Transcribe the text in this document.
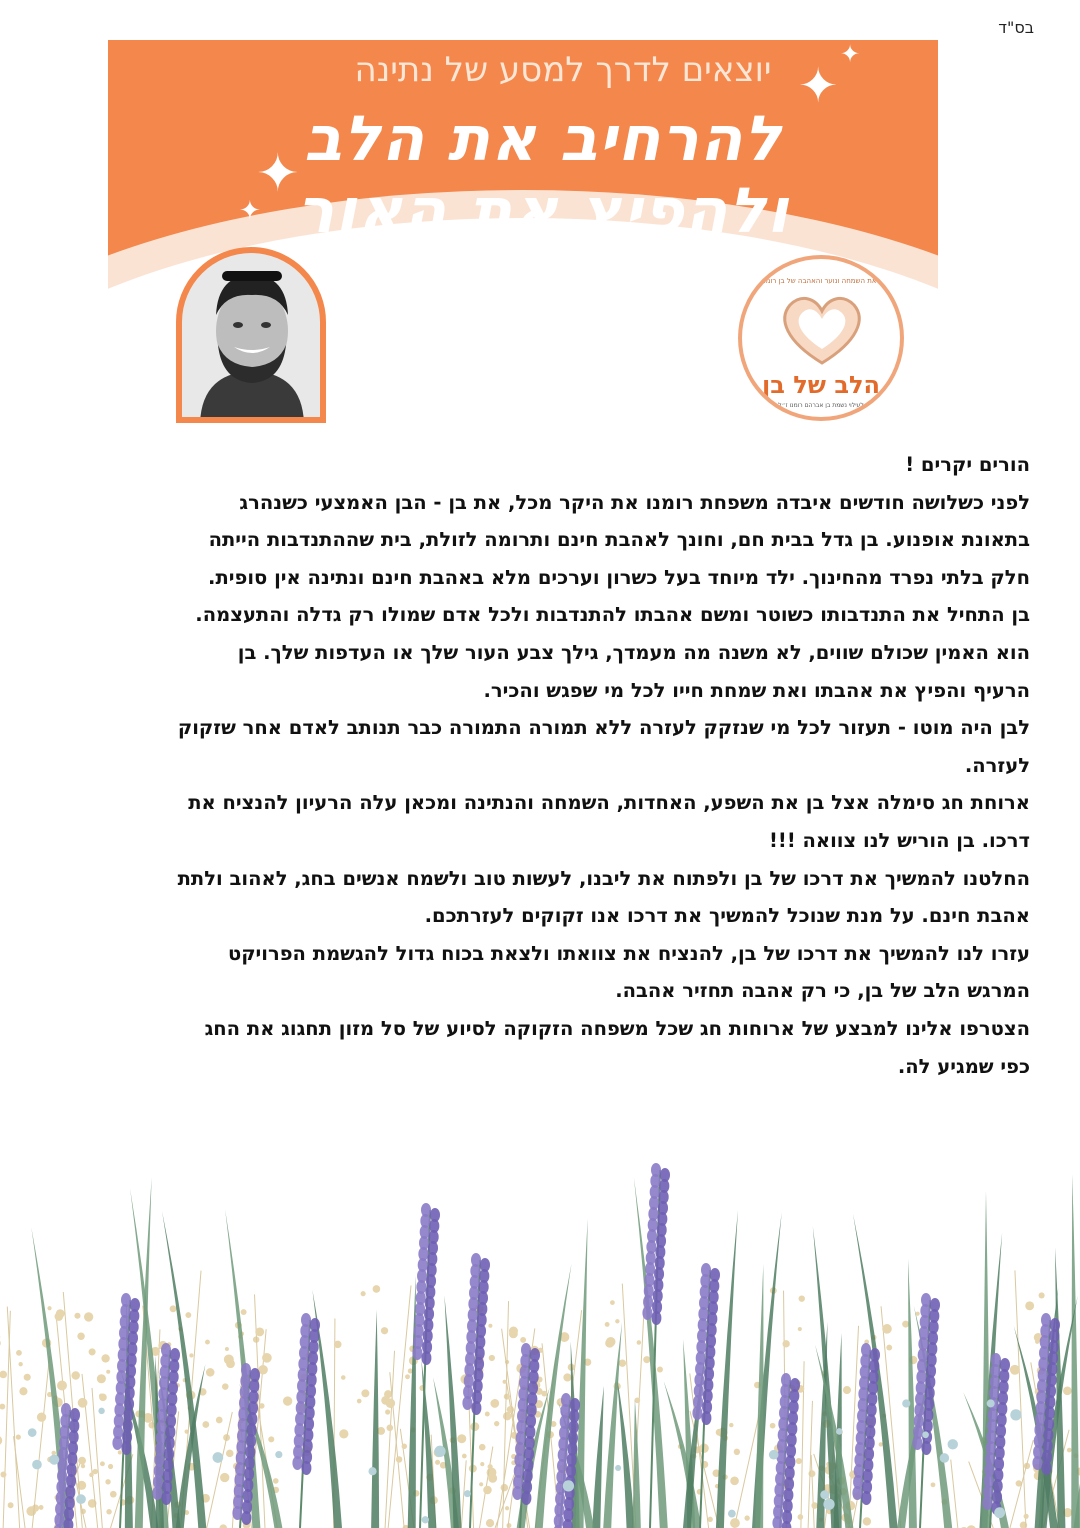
בס"ד
יוצאים לדרך למסע של נתינה
להרחיב את הלב
ולהפיץ את האור
✦
✦
✦
✦
בהשראת השמחה ונוער והאהבה של בן רומנו ז״ל
הלב של בן
לעילוי נשמת בן אברהם רומנו ז״ל

הורים יקרים !

לפני כשלושה חודשים איבדה משפחת רומנו את היקר מכל, את בן - הבן האמצעי כשנהרג

בתאונת אופנוע. בן גדל בבית חם, וחונך לאהבת חינם ותרומה לזולת, בית שההתנדבות הייתה

חלק בלתי נפרד מהחינוך. ילד מיוחד בעל כשרון וערכים מלא באהבת חינם ונתינה אין סופית.

בן התחיל את התנדבותו כשוטר ומשם אהבתו להתנדבות ולכל אדם שמולו רק גדלה והתעצמה.

הוא האמין שכולם שווים, לא משנה מה מעמדך, גילך צבע העור שלך או העדפות שלך. בן

הרעיף והפיץ את אהבתו ואת שמחת חייו לכל מי שפגש והכיר.

לבן היה מוטו - תעזור לכל מי שנזקק לעזרה ללא תמורה התמורה כבר תנותב לאדם אחר שזקוק

לעזרה.

ארוחת חג סימלה אצל בן את השפע, האחדות, השמחה והנתינה ומכאן עלה הרעיון להנציח את

דרכו. בן הוריש לנו צוואה !!!

החלטנו להמשיך את דרכו של בן ולפתוח את ליבנו, לעשות טוב ולשמח אנשים בחג, לאהוב ולתת

אהבת חינם. על מנת שנוכל להמשיך את דרכו אנו זקוקים לעזרתכם.

עזרו לנו להמשיך את דרכו של בן, להנציח את צוואתו ולצאת בכוח גדול להגשמת הפרויקט

המרגש הלב של בן, כי רק אהבה תחזיר אהבה.

הצטרפו אלינו למבצע של ארוחות חג שכל משפחה הזקוקה לסיוע של סל מזון תחגוג את החג

כפי שמגיע לה.
